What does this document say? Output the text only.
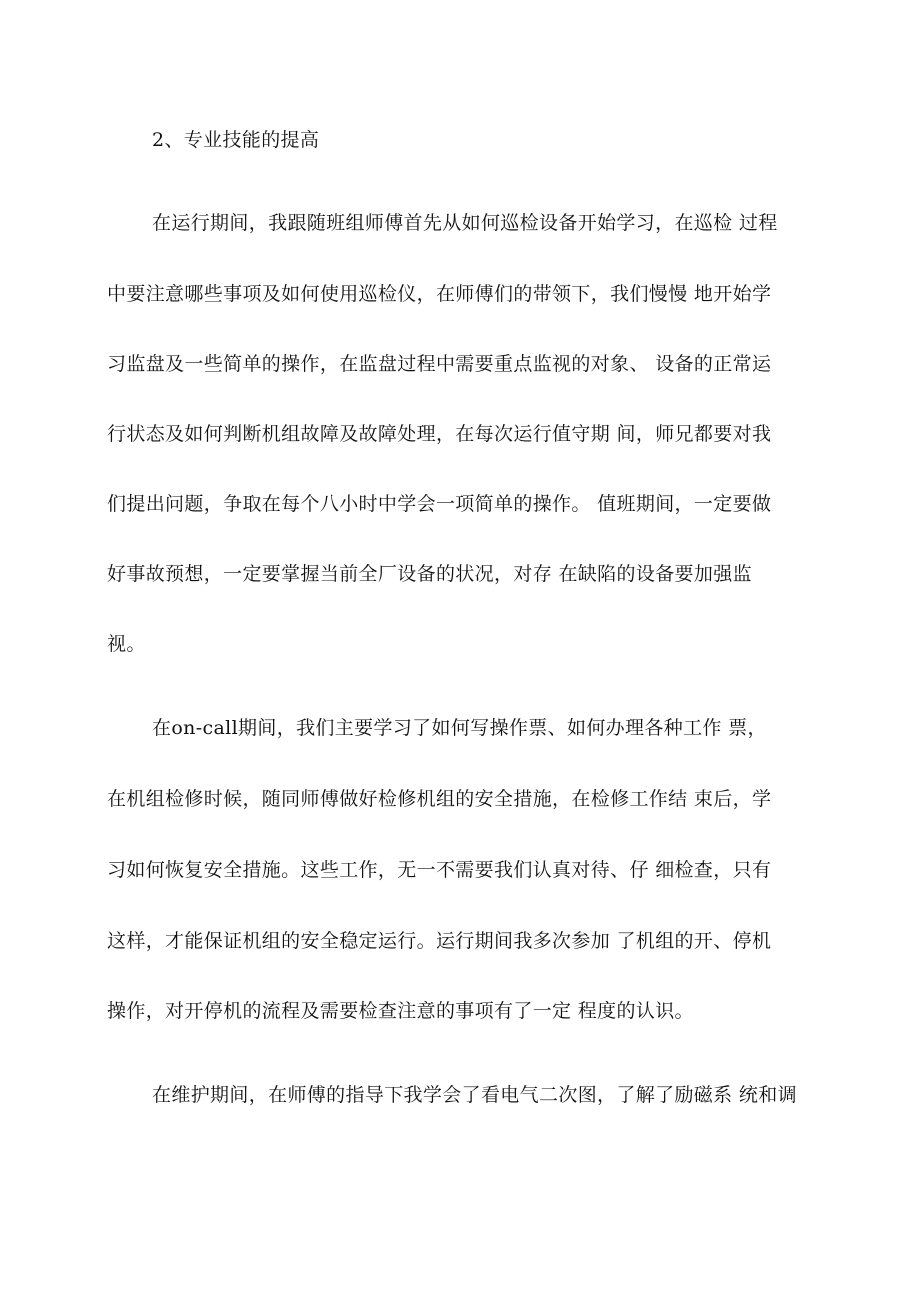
2、专业技能的提高
在运行期间，我跟随班组师傅首先从如何巡检设备开始学习，在巡检 过程
中要注意哪些事项及如何使用巡检仪，在师傅们的带领下，我们慢慢 地开始学
习监盘及一些简单的操作，在监盘过程中需要重点监视的对象、 设备的正常运
行状态及如何判断机组故障及故障处理，在每次运行值守期 间，师兄都要对我
们提出问题，争取在每个八小时中学会一项简单的操作。 值班期间，一定要做
好事故预想，一定要掌握当前全厂设备的状况，对存 在缺陷的设备要加强监
视。
在on-call期间，我们主要学习了如何写操作票、如何办理各种工作 票，
在机组检修时候，随同师傅做好检修机组的安全措施，在检修工作结 束后，学
习如何恢复安全措施。这些工作，无一不需要我们认真对待、仔 细检查，只有
这样，才能保证机组的安全稳定运行。运行期间我多次参加 了机组的开、停机
操作，对开停机的流程及需要检查注意的事项有了一定 程度的认识。
在维护期间，在师傅的指导下我学会了看电气二次图，了解了励磁系 统和调
